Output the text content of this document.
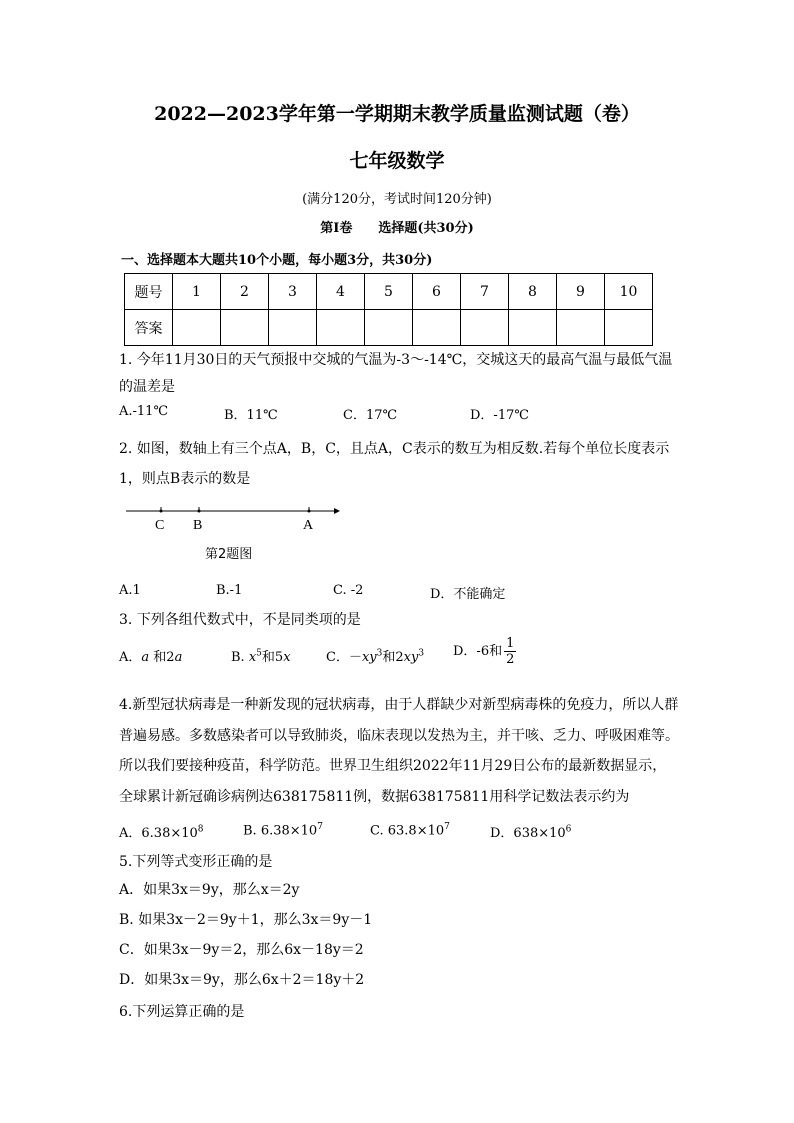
2022—2023学年第一学期期末教学质量监测试题（卷）
七年级数学
(满分120分，考试时间120分钟)
第Ⅰ卷 选择题(共30分)
一、选择题本大题共10个小题，每小题3分，共30分)
题号	1	2	3	4	5	6	7	8	9	10
答案										
1. 今年11月30日的天气预报中交城的气温为-3～-14℃，交城这天的最高气温与最低气温
的温差是
A.-11℃	B．11℃	C．17℃	D．-17℃
2. 如图，数轴上有三个点A，B，C，且点A，C表示的数互为相反数.若每个单位长度表示
1，则点B表示的数是
C B	A
第2题图
A.1	B.-1	C. -2	D．不能确定
3. 下列各组代数式中，不是同类项的是
A．a 和2a	B. $x^5$和5x	C．$-xy^3$和$2xy^3$ D．-6和 $\frac{1}{2}$
4.新型冠状病毒是一种新发现的冠状病毒，由于人群缺少对新型病毒株的免疫力，所以人群
普遍易感。多数感染者可以导致肺炎，临床表现以发热为主，并干咳、乏力、呼吸困难等。
所以我们要接种疫苗，科学防范。世界卫生组织2022年11月29日公布的最新数据显示，
全球累计新冠确诊病例达638175811例，数据638175811用科学记数法表示约为
A．$6.38\times 10^8$	B. $6.38\times 10^7$	C. $63.8\times 10^7$	D．$638\times 10^6$
5.下列等式变形正确的是
A．如果3x＝9y，那么x＝2y
B. 如果3x－2＝9y＋1，那么3x＝9y－1
C．如果3x－9y＝2，那么6x－18y＝2
D．如果3x＝9y，那么6x＋2＝18y＋2
6.下列运算正确的是
